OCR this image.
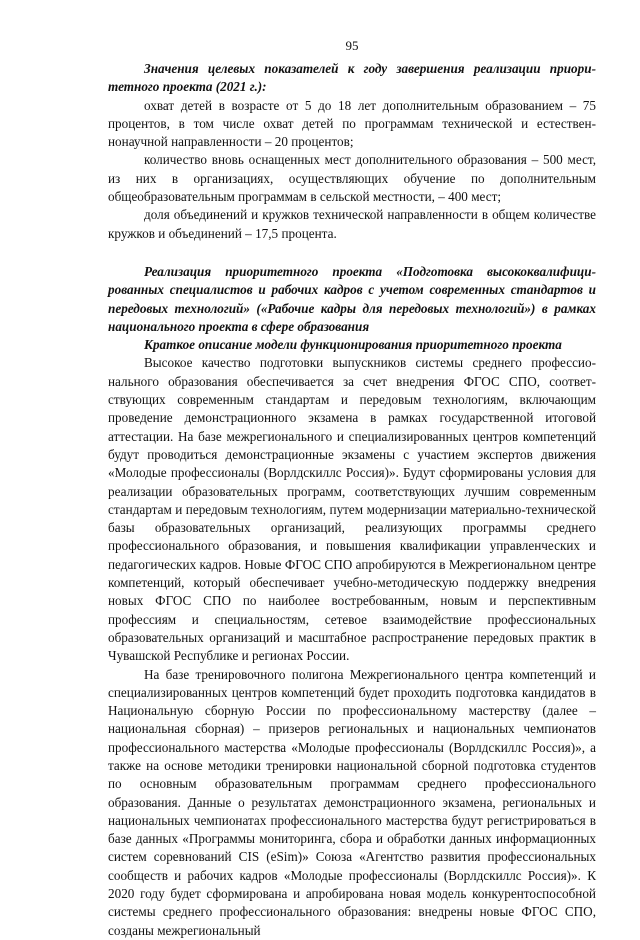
95

Значения целевых показателей к году завершения реализации приоритетного проекта (2021 г.):

охват детей в возрасте от 5 до 18 лет дополнительным образованием – 75 процентов, в том числе охват детей по программам технической и естественнонаучной направленности – 20 процентов;

количество вновь оснащенных мест дополнительного образования – 500 мест, из них в организациях, осуществляющих обучение по дополнительным общеобразовательным программам в сельской местности, – 400 мест;

доля объединений и кружков технической направленности в общем количестве кружков и объединений – 17,5 процента.

Реализация приоритетного проекта «Подготовка высококвалифицированных специалистов и рабочих кадров с учетом современных стандартов и передовых технологий» («Рабочие кадры для передовых технологий») в рамках национального проекта в сфере образования

Краткое описание модели функционирования приоритетного проекта

Высокое качество подготовки выпускников системы среднего профессионального образования обеспечивается за счет внедрения ФГОС СПО, соответствующих современным стандартам и передовым технологиям, включающим проведение демонстрационного экзамена в рамках государственной итоговой аттестации. На базе межрегионального и специализированных центров компетенций будут проводиться демонстрационные экзамены с участием экспертов движения «Молодые профессионалы (Ворлдскиллс Россия)». Будут сформированы условия для реализации образовательных программ, соответствующих лучшим современным стандартам и передовым технологиям, путем модернизации материально-технической базы образовательных организаций, реализующих программы среднего профессионального образования, и повышения квалификации управленческих и педагогических кадров. Новые ФГОС СПО апробируются в Межрегиональном центре компетенций, который обеспечивает учебно-методическую поддержку внедрения новых ФГОС СПО по наиболее востребованным, новым и перспективным профессиям и специальностям, сетевое взаимодействие профессиональных образовательных организаций и масштабное распространение передовых практик в Чувашской Республике и регионах России.

На базе тренировочного полигона Межрегионального центра компетенций и специализированных центров компетенций будет проходить подготовка кандидатов в Национальную сборную России по профессиональному мастерству (далее – национальная сборная) – призеров региональных и национальных чемпионатов профессионального мастерства «Молодые профессионалы (Ворлдскиллс Россия)», а также на основе методики тренировки национальной сборной подготовка студентов по основным образовательным программам среднего профессионального образования. Данные о результатах демонстрационного экзамена, региональных и национальных чемпионатах профессионального мастерства будут регистрироваться в базе данных «Программы мониторинга, сбора и обработки данных информационных систем соревнований CIS (eSim)» Союза «Агентство развития профессиональных сообществ и рабочих кадров «Молодые профессионалы (Ворлдскиллс Россия)». К 2020 году будет сформирована и апробирована новая модель конкурентоспособной системы среднего профессионального образования: внедрены новые ФГОС СПО, созданы межрегиональный
